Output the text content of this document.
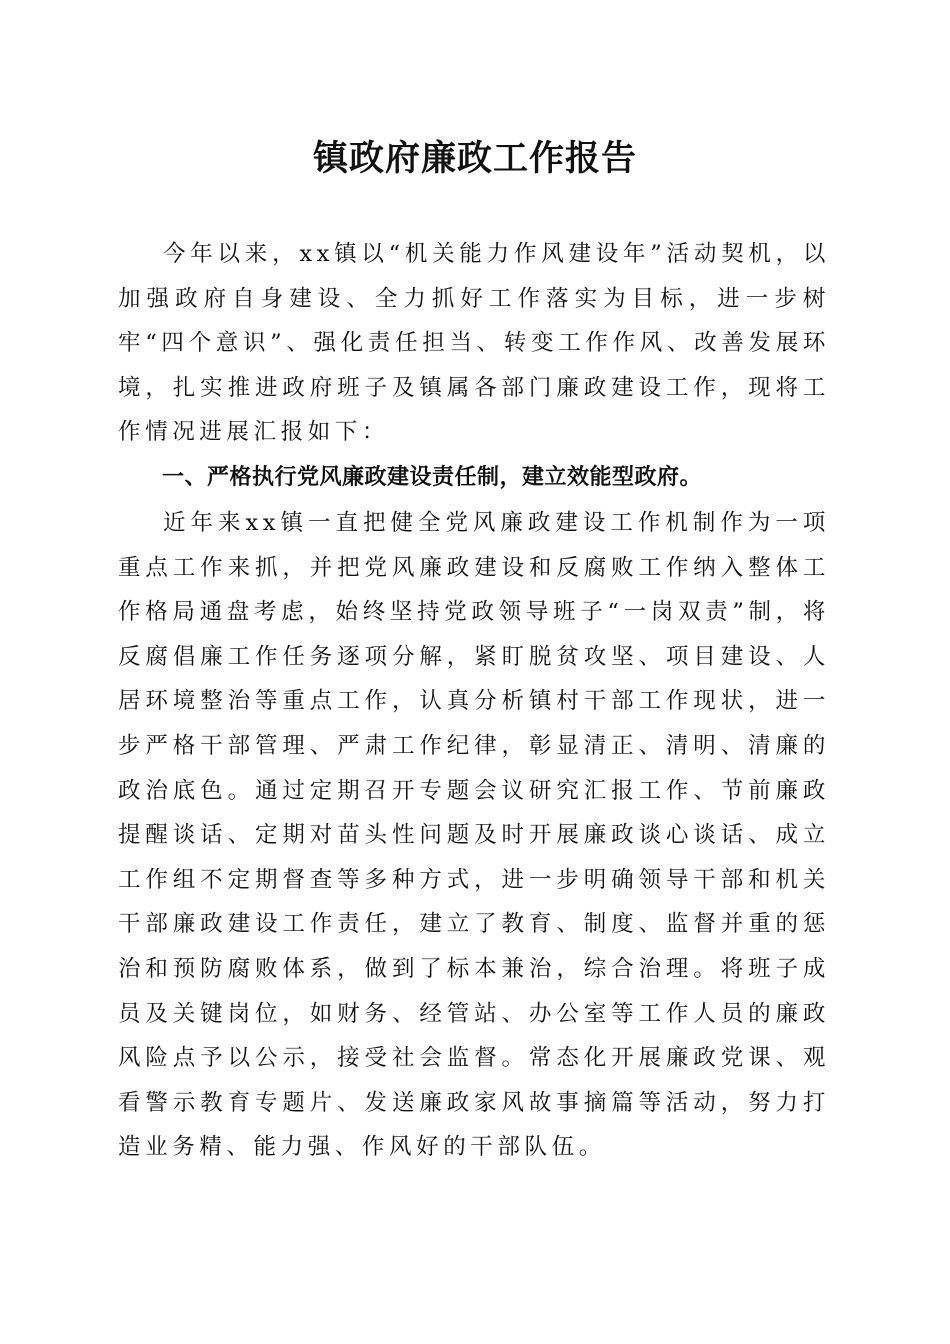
镇政府廉政工作报告

今年以来，xx镇以“机关能力作风建设年”活动契机，以加强政府自身建设、全力抓好工作落实为目标，进一步树牢“四个意识”、强化责任担当、转变工作作风、改善发展环境，扎实推进政府班子及镇属各部门廉政建设工作，现将工作情况进展汇报如下：

一、严格执行党风廉政建设责任制，建立效能型政府。

近年来xx镇一直把健全党风廉政建设工作机制作为一项重点工作来抓，并把党风廉政建设和反腐败工作纳入整体工作格局通盘考虑，始终坚持党政领导班子“一岗双责”制，将反腐倡廉工作任务逐项分解，紧盯脱贫攻坚、项目建设、人居环境整治等重点工作，认真分析镇村干部工作现状，进一步严格干部管理、严肃工作纪律，彰显清正、清明、清廉的政治底色。通过定期召开专题会议研究汇报工作、节前廉政提醒谈话、定期对苗头性问题及时开展廉政谈心谈话、成立工作组不定期督查等多种方式，进一步明确领导干部和机关干部廉政建设工作责任，建立了教育、制度、监督并重的惩治和预防腐败体系，做到了标本兼治，综合治理。将班子成员及关键岗位，如财务、经管站、办公室等工作人员的廉政风险点予以公示，接受社会监督。常态化开展廉政党课、观看警示教育专题片、发送廉政家风故事摘篇等活动，努力打造业务精、能力强、作风好的干部队伍。
